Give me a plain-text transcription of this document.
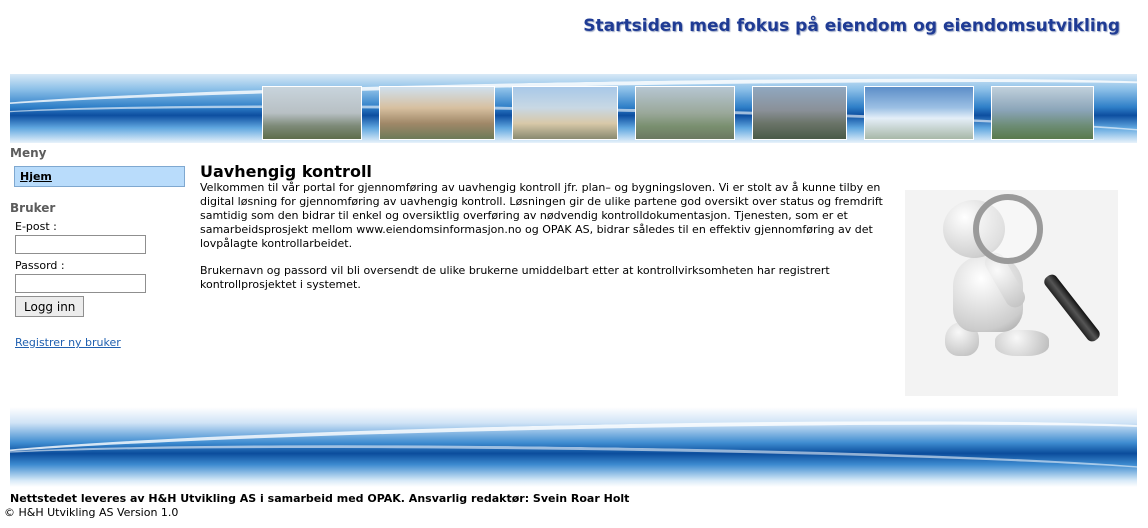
Startsiden med fokus på eiendom og eiendomsutvikling
Meny
Hjem
Bruker
E-post :
Passord :
Logg inn
Registrer ny bruker
Uavhengig kontroll

Velkommen til vår portal for gjennomføring av uavhengig kontroll jfr. plan– og bygningsloven. Vi er stolt av å kunne tilby en digital løsning for gjennomføring av uavhengig kontroll. Løsningen gir de ulike partene god oversikt over status og fremdrift samtidig som den bidrar til enkel og oversiktlig overføring av nødvendig kontrolldokumentasjon. Tjenesten, som er et samarbeidsprosjekt mellom www.eiendomsinformasjon.no og OPAK AS, bidrar således til en effektiv gjennomføring av det lovpålagte kontrollarbeidet.

Brukernavn og passord vil bli oversendt de ulike brukerne umiddelbart etter at kontrollvirksomheten har registrert kontrollprosjektet i systemet.

Nettstedet leveres av H&H Utvikling AS i samarbeid med OPAK. Ansvarlig redaktør: Svein Roar Holt
© H&H Utvikling AS Version 1.0
